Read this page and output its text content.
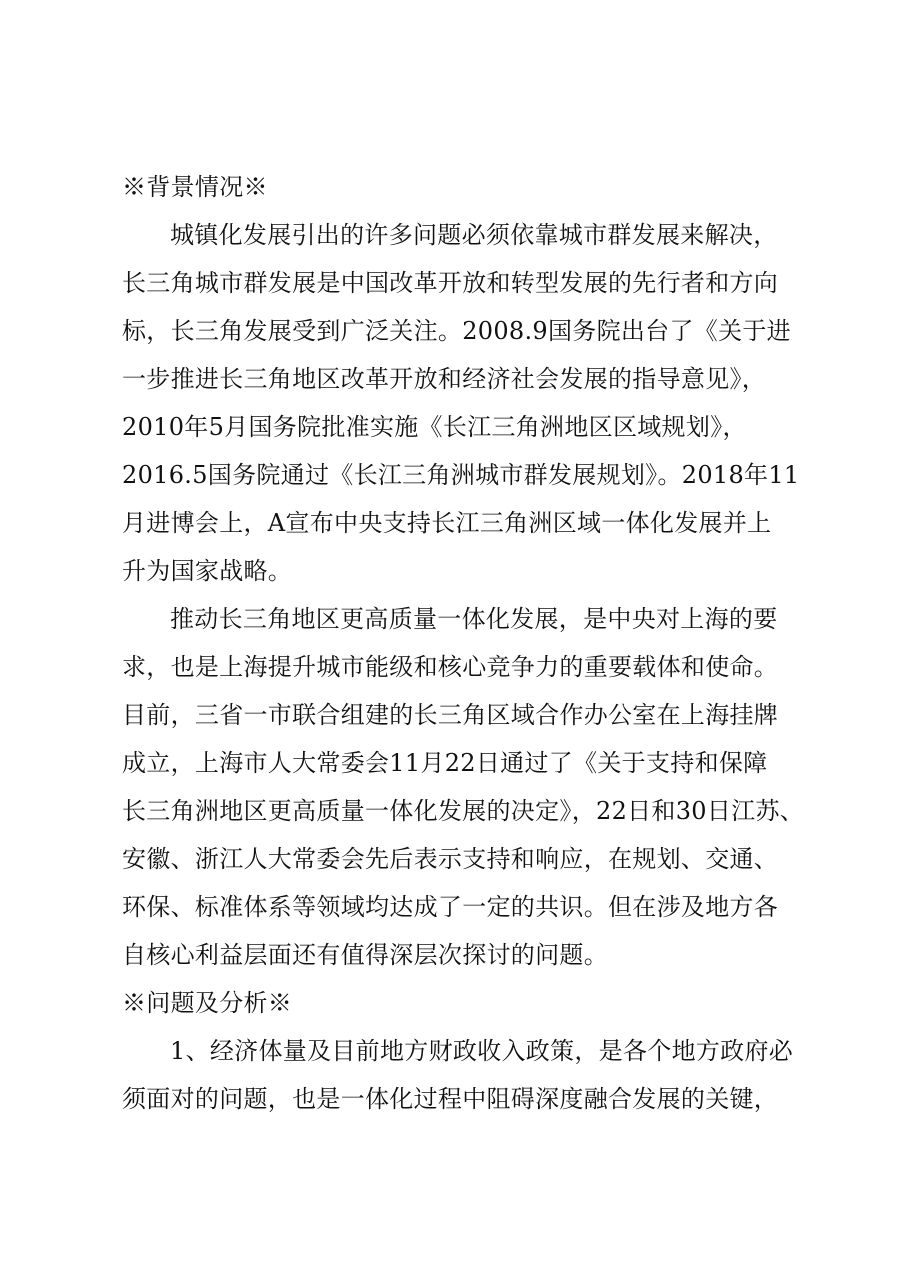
※背景情况※
城镇化发展引出的许多问题必须依靠城市群发展来解决，
长三角城市群发展是中国改革开放和转型发展的先行者和方向
标，长三角发展受到广泛关注。2008.9国务院出台了《关于进
一步推进长三角地区改革开放和经济社会发展的指导意见》，
2010年5月国务院批准实施《长江三角洲地区区域规划》，
2016.5国务院通过《长江三角洲城市群发展规划》。2018年11
月进博会上，A宣布中央支持长江三角洲区域一体化发展并上
升为国家战略。
推动长三角地区更高质量一体化发展，是中央对上海的要
求，也是上海提升城市能级和核心竞争力的重要载体和使命。
目前，三省一市联合组建的长三角区域合作办公室在上海挂牌
成立，上海市人大常委会11月22日通过了《关于支持和保障
长三角洲地区更高质量一体化发展的决定》，22日和30日江苏、
安徽、浙江人大常委会先后表示支持和响应，在规划、交通、
环保、标准体系等领域均达成了一定的共识。但在涉及地方各
自核心利益层面还有值得深层次探讨的问题。
※问题及分析※
1、经济体量及目前地方财政收入政策，是各个地方政府必
须面对的问题，也是一体化过程中阻碍深度融合发展的关键，
